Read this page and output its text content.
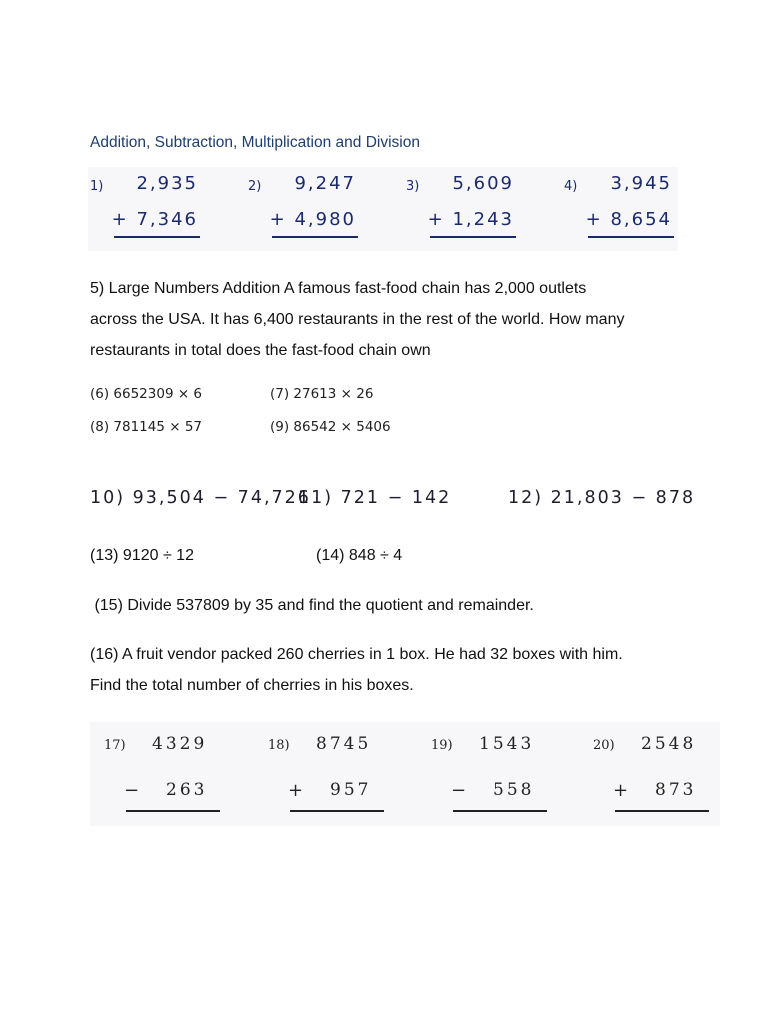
Addition, Subtraction, Multiplication and Division
1) 2,935
+ 7,346
2) 9,247
+ 4,980
3) 5,609
+ 1,243
4) 3,945
+ 8,654
5) Large Numbers Addition A famous fast-food chain has 2,000 outlets
across the USA. It has 6,400 restaurants in the rest of the world. How many
restaurants in total does the fast-food chain own
(6) 6652309 × 6	(7) 27613 × 26
(8) 781145 × 57	(9) 86542 × 5406
10) 93,504 − 74,726
11) 721 − 142	12) 21,803 − 878
(13) 9120 ÷ 12	(14) 848 ÷ 4
(15) Divide 537809 by 35 and find the quotient and remainder.
(16) A fruit vendor packed 260 cherries in 1 box. He had 32 boxes with him.
Find the total number of cherries in his boxes.
17) 4329
− 263
18) 8745
+ 957
19) 1543
− 558
20) 2548
+ 873
